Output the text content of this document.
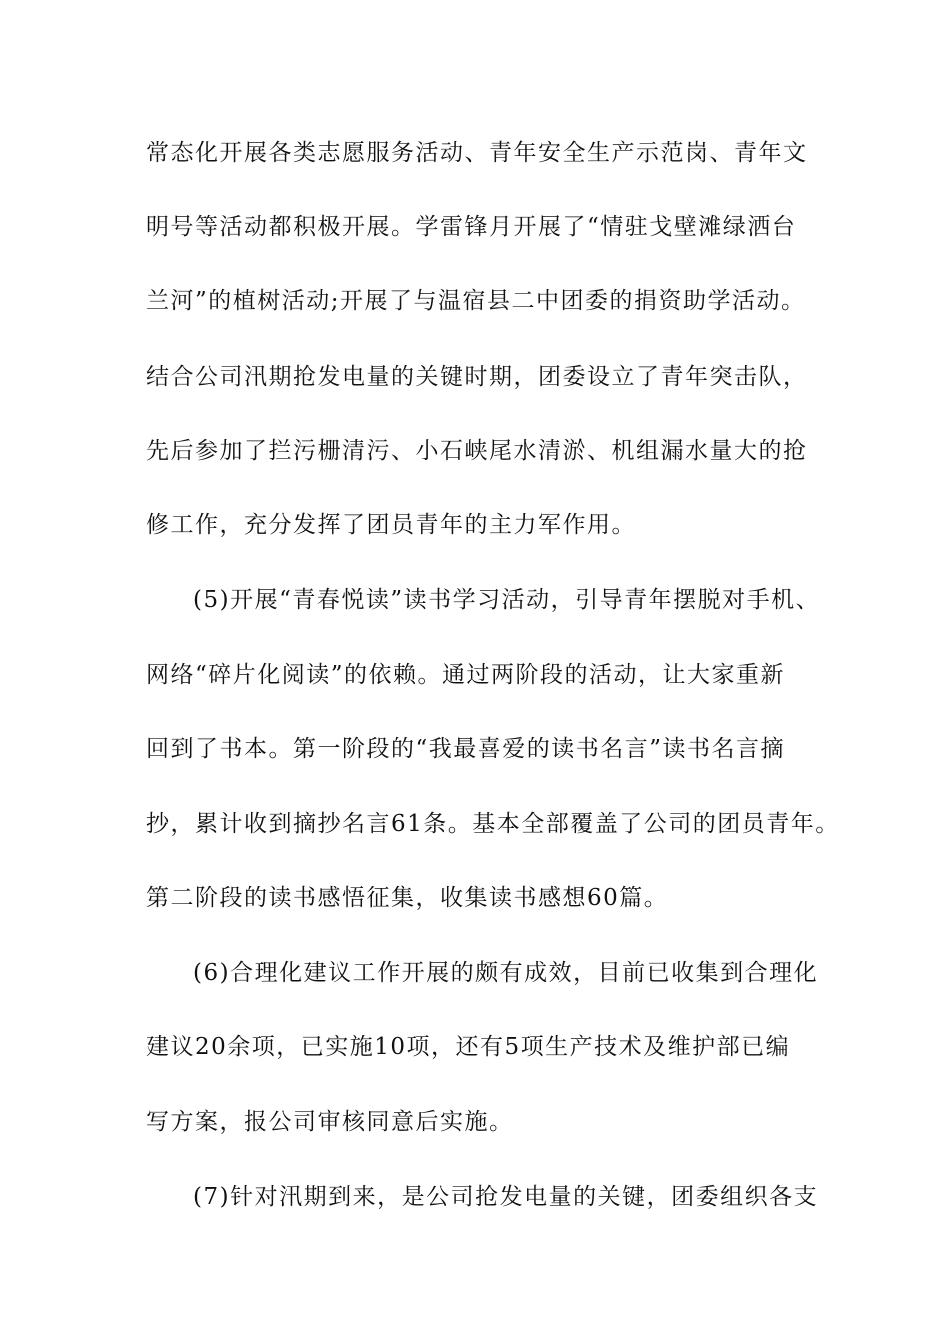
常态化开展各类志愿服务活动、青年安全生产示范岗、青年文
明号等活动都积极开展。学雷锋月开展了“情驻戈壁滩绿洒台
兰河”的植树活动;开展了与温宿县二中团委的捐资助学活动。
结合公司汛期抢发电量的关键时期，团委设立了青年突击队，
先后参加了拦污栅清污、小石峡尾水清淤、机组漏水量大的抢
修工作，充分发挥了团员青年的主力军作用。
(5)开展“青春悦读”读书学习活动，引导青年摆脱对手机、
网络“碎片化阅读”的依赖。通过两阶段的活动，让大家重新
回到了书本。第一阶段的“我最喜爱的读书名言”读书名言摘
抄，累计收到摘抄名言61条。基本全部覆盖了公司的团员青年。
第二阶段的读书感悟征集，收集读书感想60篇。
(6)合理化建议工作开展的颇有成效，目前已收集到合理化
建议20余项，已实施10项，还有5项生产技术及维护部已编
写方案，报公司审核同意后实施。
(7)针对汛期到来，是公司抢发电量的关键，团委组织各支
